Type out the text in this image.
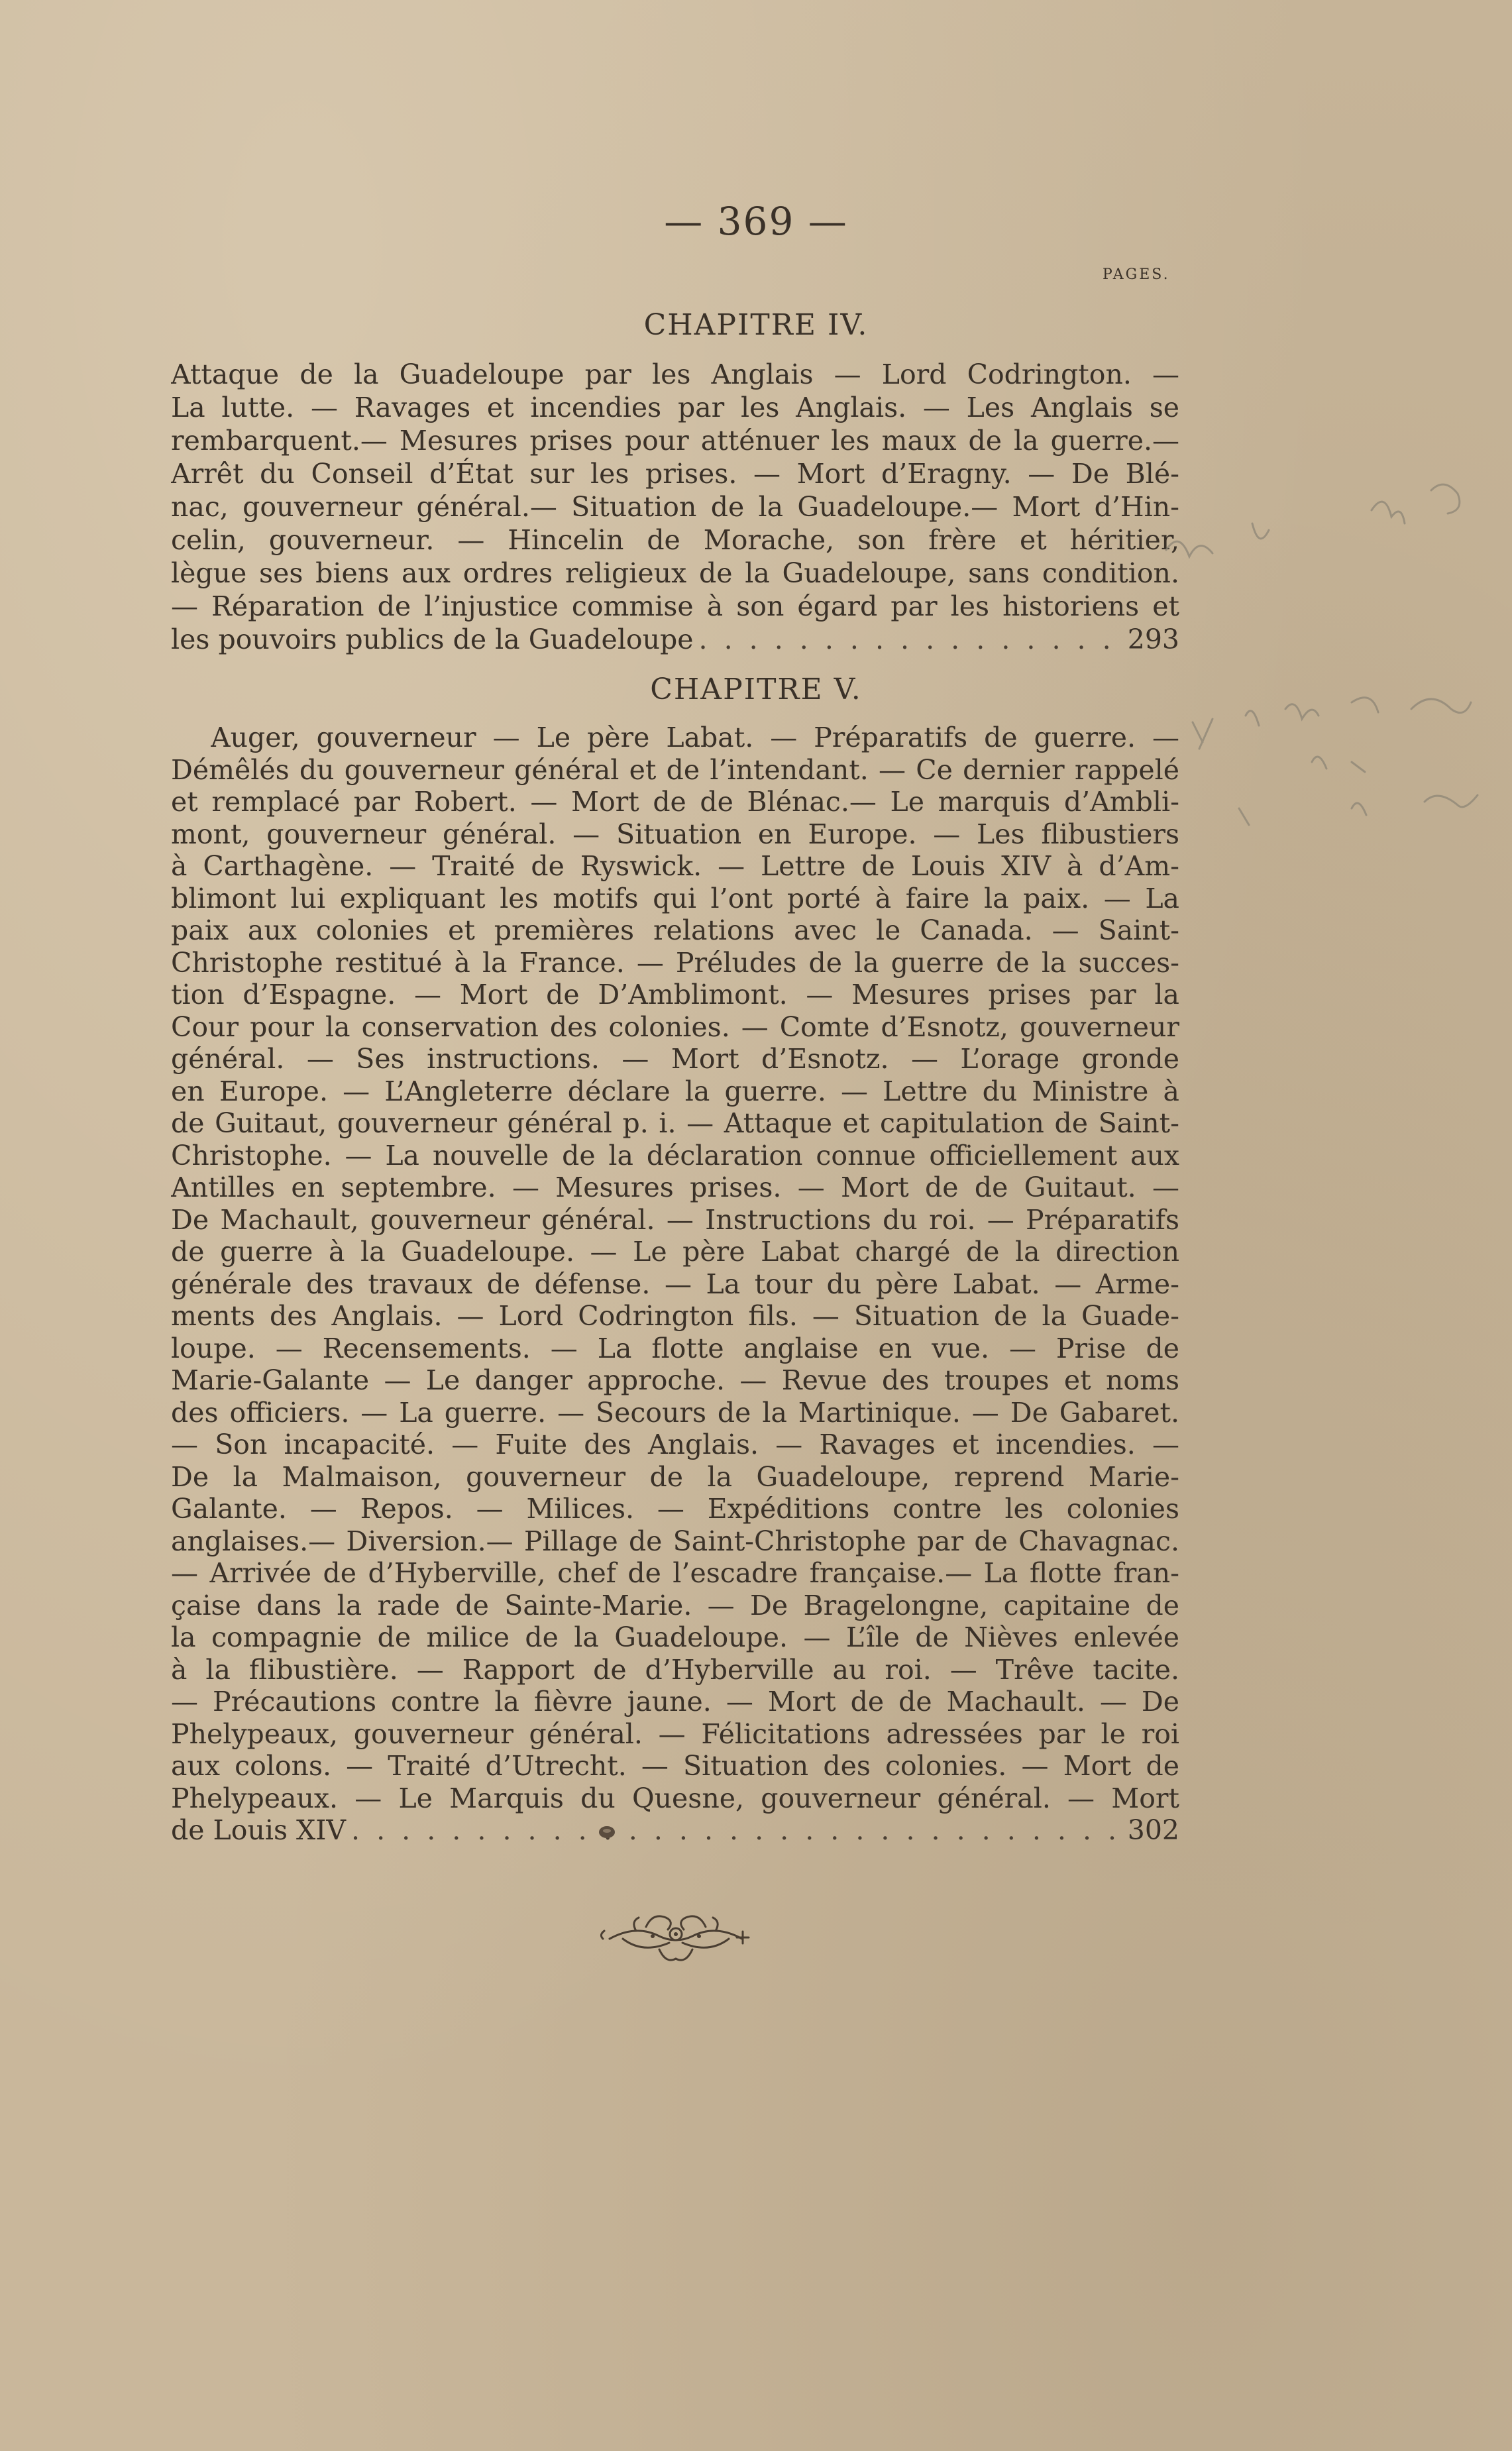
— 369 —
PAGES.
CHAPITRE IV.
Attaque de la Guadeloupe par les Anglais — Lord Codrington. —
La lutte. — Ravages et incendies par les Anglais. — Les Anglais se
rembarquent.— Mesures prises pour atténuer les maux de la guerre.—
Arrêt du Conseil d’État sur les prises. — Mort d’Eragny. — De Blé-
nac, gouverneur général.— Situation de la Guadeloupe.— Mort d’Hin-
celin, gouverneur. — Hincelin de Morache, son frère et héritier,
lègue ses biens aux ordres religieux de la Guadeloupe, sans condition.
— Réparation de l’injustice commise à son égard par les historiens et
les pouvoirs publics de la Guadeloupe . . .	293
CHAPITRE V.
Auger, gouverneur — Le père Labat. — Préparatifs de guerre. —
Démêlés du gouverneur général et de l’intendant. — Ce dernier rappelé
et remplacé par Robert. — Mort de de Blénac.— Le marquis d’Ambli-
mont, gouverneur général. — Situation en Europe. — Les flibustiers
à Carthagène. — Traité de Ryswick. — Lettre de Louis XIV à d’Am-
blimont lui expliquant les motifs qui l’ont porté à faire la paix. — La
paix aux colonies et premières relations avec le Canada. — Saint-
Christophe restitué à la France. — Préludes de la guerre de la succes-
tion d’Espagne. — Mort de D’Amblimont. — Mesures prises par la
Cour pour la conservation des colonies. — Comte d’Esnotz, gouverneur
général. — Ses instructions. — Mort d’Esnotz. — L’orage gronde
en Europe. — L’Angleterre déclare la guerre. — Lettre du Ministre à
de Guitaut, gouverneur général p. i. — Attaque et capitulation de Saint-
Christophe. — La nouvelle de la déclaration connue officiellement aux
Antilles en septembre. — Mesures prises. — Mort de de Guitaut. —
De Machault, gouverneur général. — Instructions du roi. — Préparatifs
de guerre à la Guadeloupe. — Le père Labat chargé de la direction
générale des travaux de défense. — La tour du père Labat. — Arme-
ments des Anglais. — Lord Codrington fils. — Situation de la Guade-
loupe. — Recensements. — La flotte anglaise en vue. — Prise de
Marie-Galante — Le danger approche. — Revue des troupes et noms
des officiers. — La guerre. — Secours de la Martinique. — De Gabaret.
— Son incapacité. — Fuite des Anglais. — Ravages et incendies. —
De la Malmaison, gouverneur de la Guadeloupe, reprend Marie-
Galante. — Repos. — Milices. — Expéditions contre les colonies
anglaises.— Diversion.— Pillage de Saint-Christophe par de Chavagnac.
— Arrivée de d’Hyberville, chef de l’escadre française.— La flotte fran-
çaise dans la rade de Sainte-Marie. — De Bragelongne, capitaine de
la compagnie de milice de la Guadeloupe. — L’île de Nièves enlevée
à la flibustière. — Rapport de d’Hyberville au roi. — Trêve tacite.
— Précautions contre la fièvre jaune. — Mort de de Machault. — De
Phelypeaux, gouverneur général. — Félicitations adressées par le roi
aux colons. — Traité d’Utrecht. — Situation des colonies. — Mort de
Phelypeaux. — Le Marquis du Quesne, gouverneur général. — Mort
de Louis XIV . . .	302
